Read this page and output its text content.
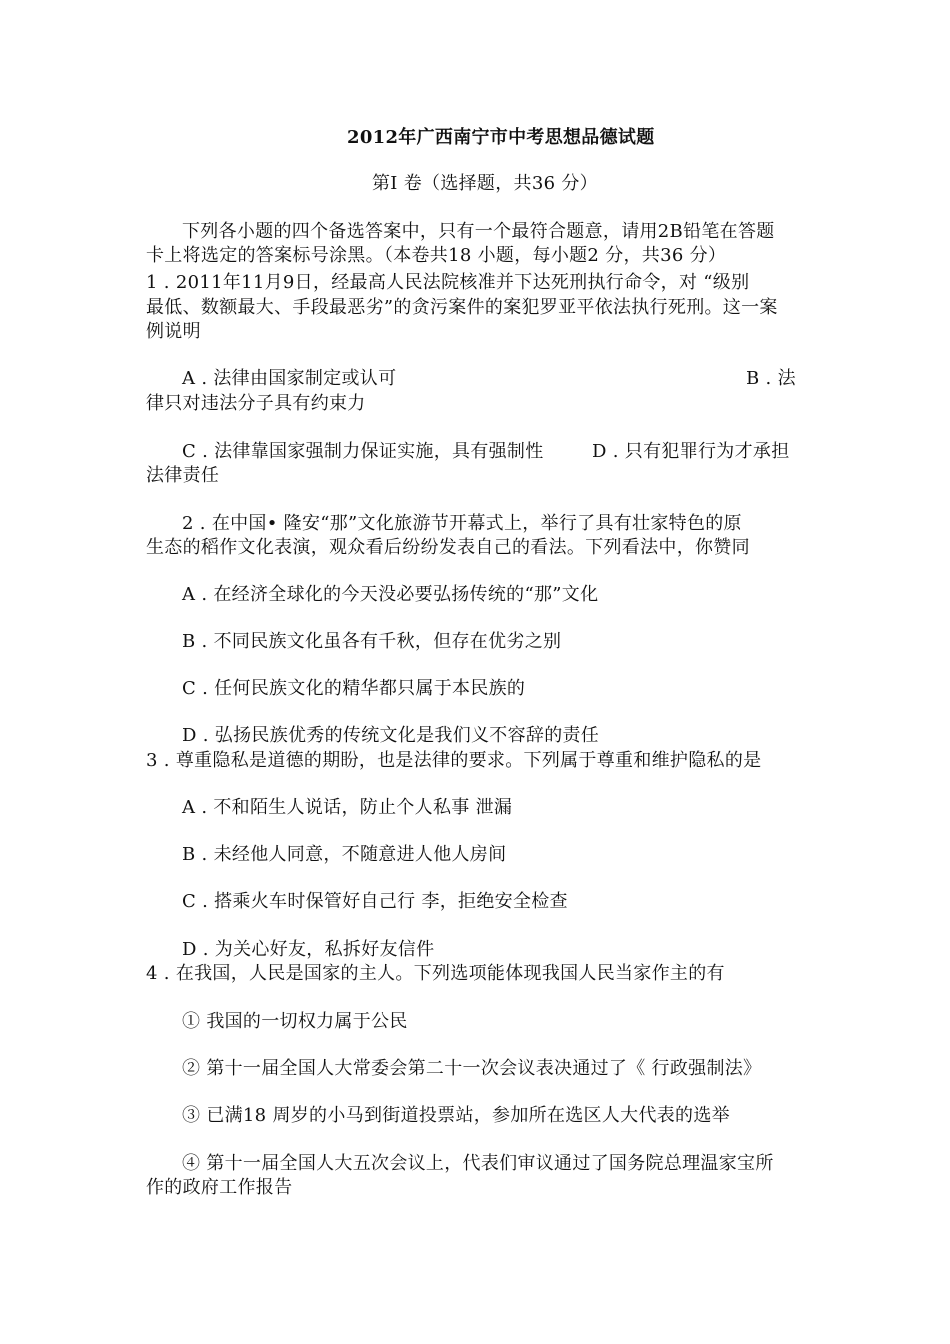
2012年广西南宁市中考思想品德试题
第Ⅰ 卷（选择题，共36 分）
下列各小题的四个备选答案中，只有一个最符合题意，请用2B铅笔在答题
卡上将选定的答案标号涂黑。（本卷共18 小题，每小题2 分，共36 分）
1 . 2011年11月9日，经最高人民法院核准并下达死刑执行命令，对 “级别
最低、数额最大、手段最恶劣”的贪污案件的案犯罗亚平依法执行死刑。这一案
例说明
A . 法律由国家制定或认可	B . 法
律只对违法分子具有约束力
C . 法律靠国家强制力保证实施，具有强制性	D . 只有犯罪行为才承担
法律责任
2 . 在中国• 隆安“那”文化旅游节开幕式上，举行了具有壮家特色的原
生态的稻作文化表演，观众看后纷纷发表自己的看法。下列看法中，你赞同
A . 在经济全球化的今天没必要弘扬传统的“那”文化
B . 不同民族文化虽各有千秋，但存在优劣之别
C . 任何民族文化的精华都只属于本民族的
D . 弘扬民族优秀的传统文化是我们义不容辞的责任
3 . 尊重隐私是道德的期盼，也是法律的要求。下列属于尊重和维护隐私的是
A . 不和陌生人说话，防止个人私事 泄漏
B . 未经他人同意，不随意进人他人房间
C . 搭乘火车时保管好自己行 李，拒绝安全检查
D . 为关心好友，私拆好友信件
4 . 在我国，人民是国家的主人。下列选项能体现我国人民当家作主的有
① 我国的一切权力属于公民
② 第十一届全国人大常委会第二十一次会议表决通过了《 行政强制法》
③ 已满18 周岁的小马到街道投票站，参加所在选区人大代表的选举
④ 第十一届全国人大五次会议上，代表们审议通过了国务院总理温家宝所
作的政府工作报告
